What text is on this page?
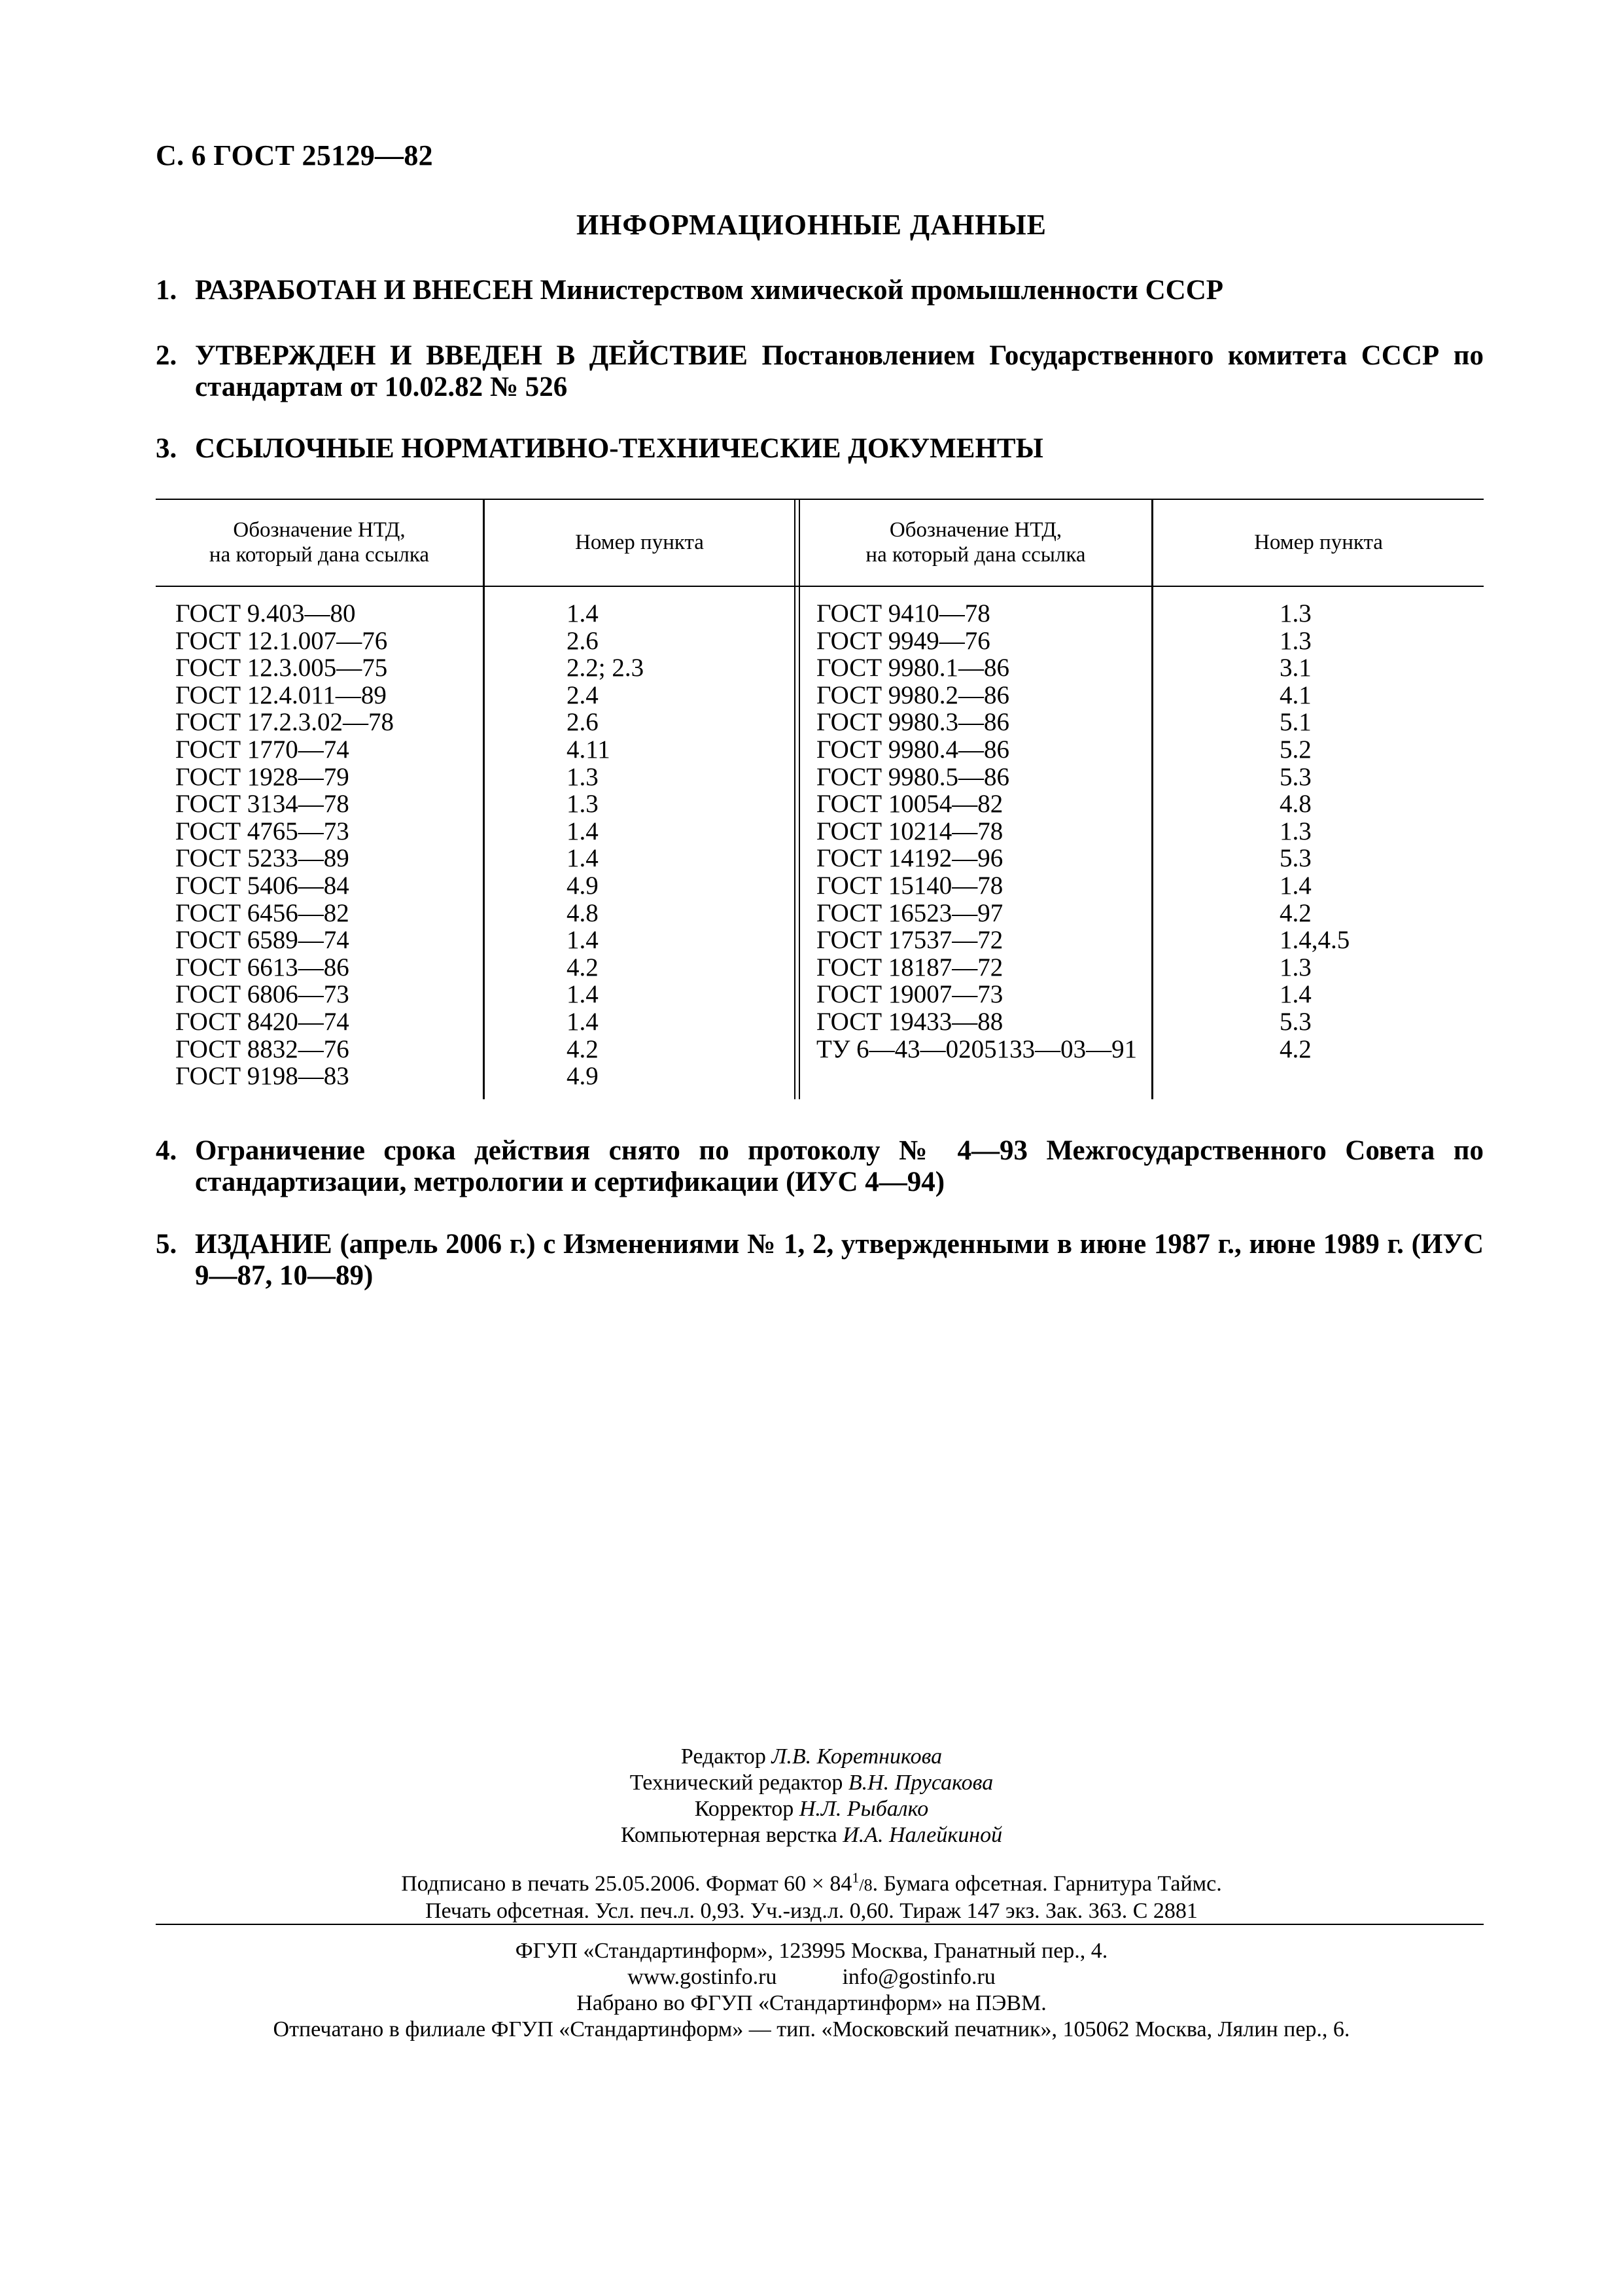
С. 6 ГОСТ 25129—82
ИНФОРМАЦИОННЫЕ ДАННЫЕ
1. РАЗРАБОТАН И ВНЕСЕН Министерством химической промышленности СССР
2. УТВЕРЖДЕН И ВВЕДЕН В ДЕЙСТВИЕ Постановлением Государственного комитета СССР по стандартам от 10.02.82 № 526
3. ССЫЛОЧНЫЕ НОРМАТИВНО-ТЕХНИЧЕСКИЕ ДОКУМЕНТЫ
Обозначение НТД,
на который дана ссылка
Номер пункта
Обозначение НТД,
на который дана ссылка
Номер пункта
ГОСТ 9.403—80
ГОСТ 12.1.007—76
ГОСТ 12.3.005—75
ГОСТ 12.4.011—89
ГОСТ 17.2.3.02—78
ГОСТ 1770—74
ГОСТ 1928—79
ГОСТ 3134—78
ГОСТ 4765—73
ГОСТ 5233—89
ГОСТ 5406—84
ГОСТ 6456—82
ГОСТ 6589—74
ГОСТ 6613—86
ГОСТ 6806—73
ГОСТ 8420—74
ГОСТ 8832—76
ГОСТ 9198—83
1.4
2.6
2.2; 2.3
2.4
2.6
4.11
1.3
1.3
1.4
1.4
4.9
4.8
1.4
4.2
1.4
1.4
4.2
4.9
ГОСТ 9410—78
ГОСТ 9949—76
ГОСТ 9980.1—86
ГОСТ 9980.2—86
ГОСТ 9980.3—86
ГОСТ 9980.4—86
ГОСТ 9980.5—86
ГОСТ 10054—82
ГОСТ 10214—78
ГОСТ 14192—96
ГОСТ 15140—78
ГОСТ 16523—97
ГОСТ 17537—72
ГОСТ 18187—72
ГОСТ 19007—73
ГОСТ 19433—88
ТУ 6—43—0205133—03—91
1.3
1.3
3.1
4.1
5.1
5.2
5.3
4.8
1.3
5.3
1.4
4.2
1.4,4.5
1.3
1.4
5.3
4.2
4. Ограничение срока действия снято по протоколу № 4—93 Межгосударственного Совета по стандартизации, метрологии и сертификации (ИУС 4—94)
5. ИЗДАНИЕ (апрель 2006 г.) с Изменениями № 1, 2, утвержденными в июне 1987 г., июне 1989 г. (ИУС 9—87, 10—89)
Редактор Л.В. Коретникова
Технический редактор В.Н. Прусакова
Корректор Н.Л. Рыбалко
Компьютерная верстка И.А. Налейкиной
Подписано в печать 25.05.2006. Формат $60 \times 84^1/8$. Бумага офсетная. Гарнитура Таймс.
Печать офсетная. Усл. печ.л. 0,93. Уч.-изд.л. 0,60. Тираж 147 экз. Зак. 363. С 2881
ФГУП «Стандартинформ», 123995 Москва, Гранатный пер., 4.
www.gostinfo.ru	info@gostinfo.ru
Набрано во ФГУП «Стандартинформ» на ПЭВМ.
Отпечатано в филиале ФГУП «Стандартинформ» — тип. «Московский печатник», 105062 Москва, Лялин пер., 6.
